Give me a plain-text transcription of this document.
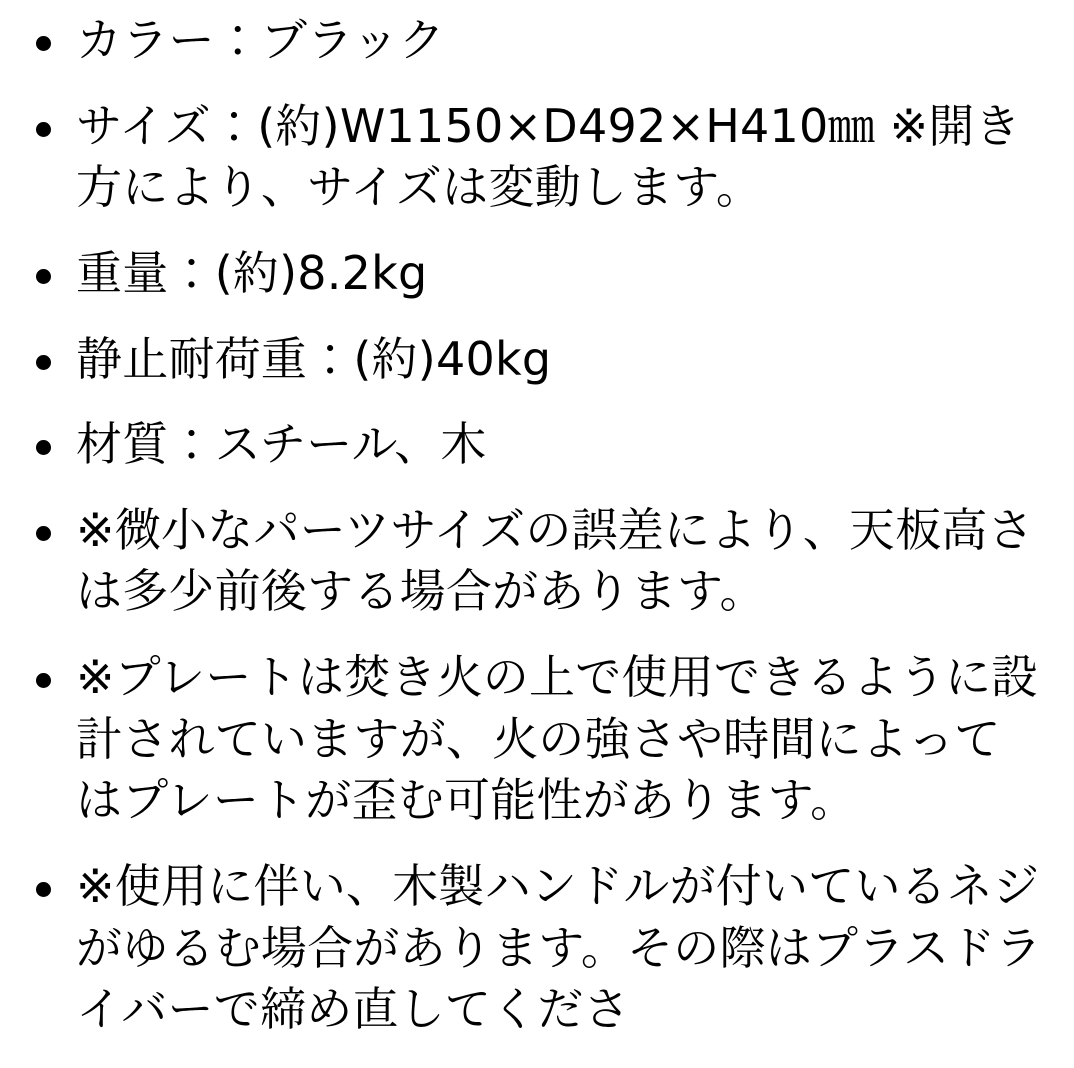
カラー：ブラック
サイズ：(約)W1150×D492×H410㎜ ※開き方により、サイズは変動します。
重量：(約)8.2kg
静止耐荷重：(約)40kg
材質：スチール、木
※微小なパーツサイズの誤差により、天板高さは多少前後する場合があります。
※プレートは焚き火の上で使用できるように設計されていますが、火の強さや時間によってはプレートが歪む可能性があります。
※使用に伴い、木製ハンドルが付いているネジがゆるむ場合があります。その際はプラスドライバーで締め直してくださ
